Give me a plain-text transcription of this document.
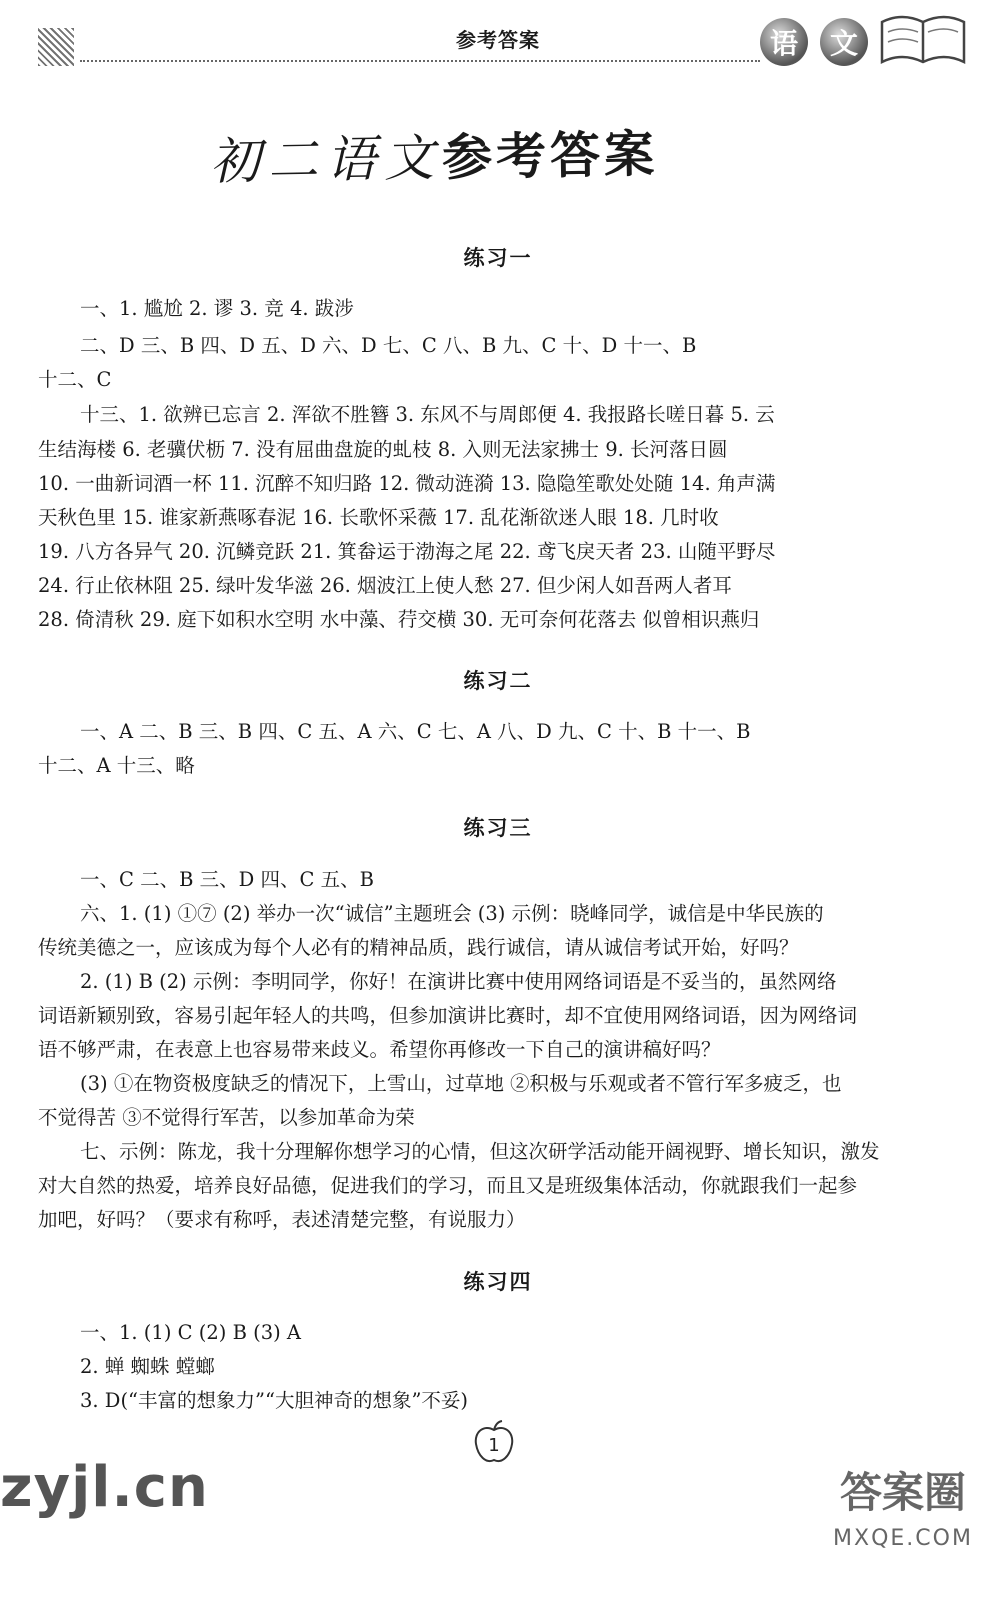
参考答案	语	文
初二语文参考答案
练习一
一、1. 尴尬 2. 谬 3. 竞 4. 跋涉
二、D 三、B 四、D 五、D 六、D 七、C 八、B 九、C 十、D 十一、B
十二、C
十三、1. 欲辨已忘言 2. 浑欲不胜簪 3. 东风不与周郎便 4. 我报路长嗟日暮 5. 云
生结海楼 6. 老骥伏枥 7. 没有屈曲盘旋的虬枝 8. 入则无法家拂士 9. 长河落日圆
10. 一曲新词酒一杯 11. 沉醉不知归路 12. 微动涟漪 13. 隐隐笙歌处处随 14. 角声满
天秋色里 15. 谁家新燕啄春泥 16. 长歌怀采薇 17. 乱花渐欲迷人眼 18. 几时收
19. 八方各异气 20. 沉鳞竞跃 21. 箕畚运于渤海之尾 22. 鸢飞戾天者 23. 山随平野尽
24. 行止依林阻 25. 绿叶发华滋 26. 烟波江上使人愁 27. 但少闲人如吾两人者耳
28. 倚清秋 29. 庭下如积水空明 水中藻、荇交横 30. 无可奈何花落去 似曾相识燕归
练习二
一、A 二、B 三、B 四、C 五、A 六、C 七、A 八、D 九、C 十、B 十一、B
十二、A 十三、略
练习三
一、C 二、B 三、D 四、C 五、B
六、1. (1) ①⑦ (2) 举办一次“诚信”主题班会 (3) 示例：晓峰同学，诚信是中华民族的
传统美德之一，应该成为每个人必有的精神品质，践行诚信，请从诚信考试开始，好吗？
2. (1) B (2) 示例：李明同学，你好！在演讲比赛中使用网络词语是不妥当的，虽然网络
词语新颖别致，容易引起年轻人的共鸣，但参加演讲比赛时，却不宜使用网络词语，因为网络词
语不够严肃，在表意上也容易带来歧义。希望你再修改一下自己的演讲稿好吗？
(3) ①在物资极度缺乏的情况下，上雪山，过草地 ②积极与乐观或者不管行军多疲乏，也
不觉得苦 ③不觉得行军苦，以参加革命为荣
七、示例：陈龙，我十分理解你想学习的心情，但这次研学活动能开阔视野、增长知识，激发
对大自然的热爱，培养良好品德，促进我们的学习，而且又是班级集体活动，你就跟我们一起参
加吧，好吗？（要求有称呼，表述清楚完整，有说服力）
练习四
一、1. (1) C (2) B (3) A
2. 蝉 蜘蛛 螳螂
3. D(“丰富的想象力”“大胆神奇的想象”不妥)
1
zyjl.cn	答案圈
MXQE.COM
